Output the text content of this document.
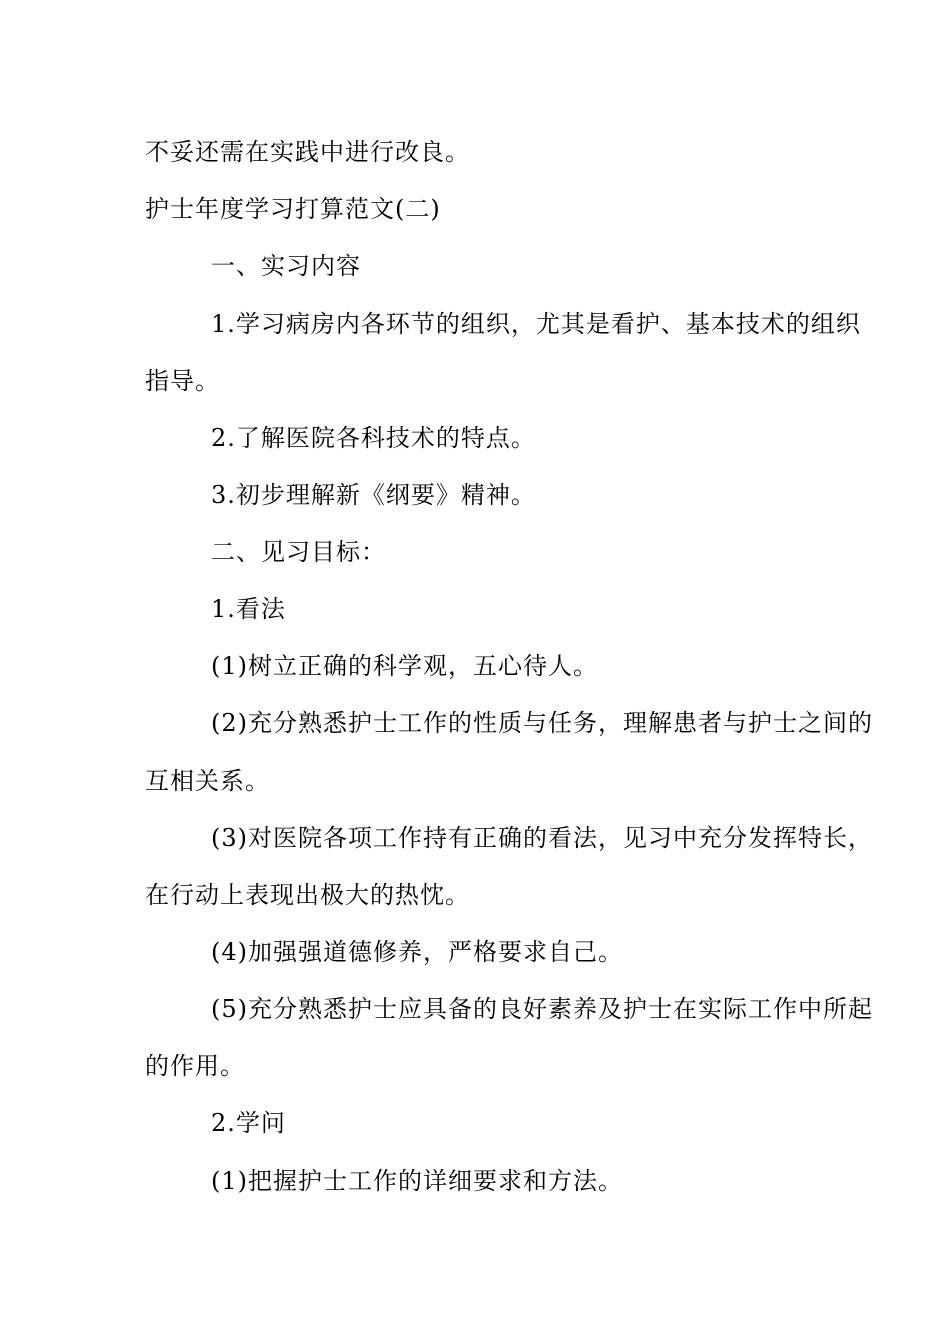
不妥还需在实践中进行改良。
护士年度学习打算范文(二)
一、实习内容
1.学习病房内各环节的组织，尤其是看护、基本技术的组织
指导。
2.了解医院各科技术的特点。
3.初步理解新《纲要》精神。
二、见习目标：
1.看法
(1)树立正确的科学观，五心待人。
(2)充分熟悉护士工作的性质与任务，理解患者与护士之间的
互相关系。
(3)对医院各项工作持有正确的看法，见习中充分发挥特长，
在行动上表现出极大的热忱。
(4)加强强道德修养，严格要求自己。
(5)充分熟悉护士应具备的良好素养及护士在实际工作中所起
的作用。
2.学问
(1)把握护士工作的详细要求和方法。
